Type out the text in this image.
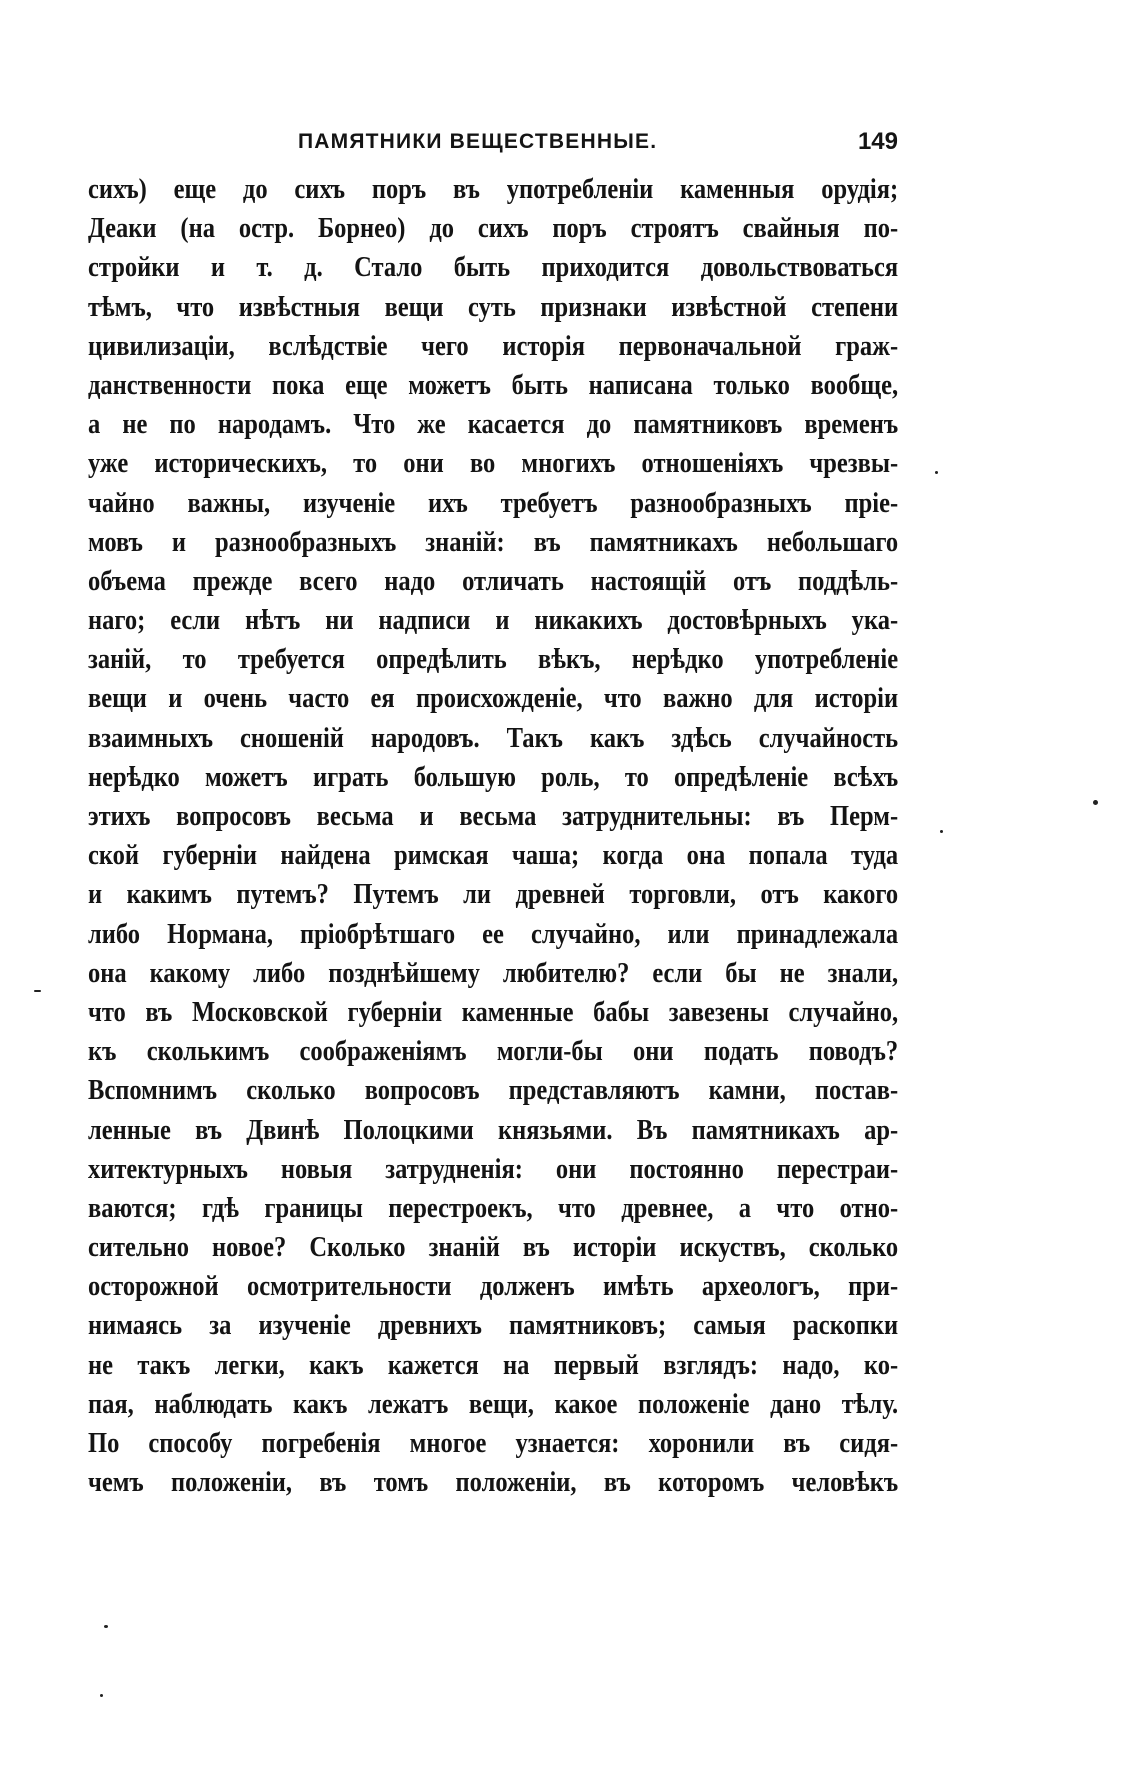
ПАМЯТНИКИ ВЕЩЕСТВЕННЫЕ.	149
сихъ) еще до сихъ поръ въ употребленіи каменныя орудія;
Деаки (на остр. Борнео) до сихъ поръ строятъ свайныя по-
стройки и т. д. Стало быть приходится довольствоваться
тѣмъ, что извѣстныя вещи суть признаки извѣстной степени
цивилизаціи, вслѣдствіе чего исторія первоначальной граж-
данственности пока еще можетъ быть написана только вообще,
а не по народамъ. Что же касается до памятниковъ временъ
уже историческихъ, то они во многихъ отношеніяхъ чрезвы-
чайно важны, изученіе ихъ требуетъ разнообразныхъ пріе-
мовъ и разнообразныхъ знаній: въ памятникахъ небольшаго
объема прежде всего надо отличать настоящій отъ поддѣль-
наго; если нѣтъ ни надписи и никакихъ достовѣрныхъ ука-
заній, то требуется опредѣлить вѣкъ, нерѣдко употребленіе
вещи и очень часто ея происхожденіе, что важно для исторіи
взаимныхъ сношеній народовъ. Такъ какъ здѣсь случайность
нерѣдко можетъ играть большую роль, то опредѣленіе всѣхъ
этихъ вопросовъ весьма и весьма затруднительны: въ Перм-
ской губерніи найдена римская чаша; когда она попала туда
и какимъ путемъ? Путемъ ли древней торговли, отъ какого
либо Нормана, пріобрѣтшаго ее случайно, или принадлежала
она какому либо позднѣйшему любителю? если бы не знали,
что въ Московской губерніи каменные бабы завезены случайно,
къ сколькимъ соображеніямъ могли-бы они подать поводъ?
Вспомнимъ сколько вопросовъ представляютъ камни, постав-
ленные въ Двинѣ Полоцкими князьями. Въ памятникахъ ар-
хитектурныхъ новыя затрудненія: они постоянно перестраи-
ваются; гдѣ границы перестроекъ, что древнее, а что отно-
сительно новое? Сколько знаній въ исторіи искуствъ, сколько
осторожной осмотрительности долженъ имѣть археологъ, при-
нимаясь за изученіе древнихъ памятниковъ; самыя раскопки
не такъ легки, какъ кажется на первый взглядъ: надо, ко-
пая, наблюдать какъ лежатъ вещи, какое положеніе дано тѣлу.
По способу погребенія многое узнается: хоронили въ сидя-
чемъ положеніи, въ томъ положеніи, въ которомъ человѣкъ
